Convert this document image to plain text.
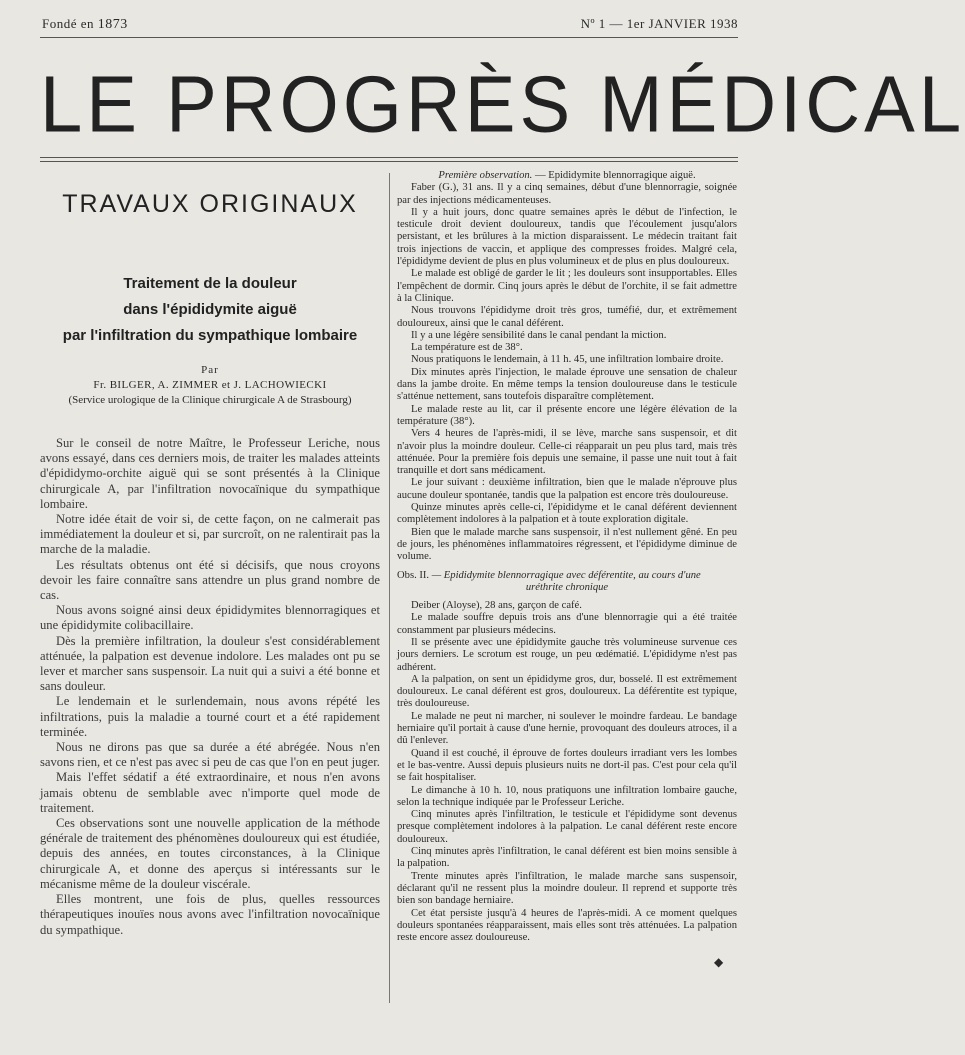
Fondé en 1873	Nº 1 — 1er JANVIER 1938
LE PROGRÈS MÉDICAL
TRAVAUX ORIGINAUX
Traitement de la douleur
dans l'épididymite aiguë
par l'infiltration du sympathique lombaire
Par
Fr. BILGER, A. ZIMMER et J. LACHOWIECKI
(Service urologique de la Clinique chirurgicale A de Strasbourg)

Sur le conseil de notre Maître, le Professeur Leriche, nous avons essayé, dans ces derniers mois, de traiter les malades atteints d'épididymo-orchite aiguë qui se sont présentés à la Clinique chirurgicale A, par l'infiltration novocaïnique du sympathique lombaire.

Notre idée était de voir si, de cette façon, on ne calmerait pas immédiatement la douleur et si, par surcroît, on ne ralentirait pas la marche de la maladie.

Les résultats obtenus ont été si décisifs, que nous croyons devoir les faire connaître sans attendre un plus grand nombre de cas.

Nous avons soigné ainsi deux épididymites blennorragiques et une épididymite colibacillaire.

Dès la première infiltration, la douleur s'est considérablement atténuée, la palpation est devenue indolore. Les malades ont pu se lever et marcher sans suspensoir. La nuit qui a suivi a été bonne et sans douleur.

Le lendemain et le surlendemain, nous avons répété les infiltrations, puis la maladie a tourné court et a été rapidement terminée.

Nous ne dirons pas que sa durée a été abrégée. Nous n'en savons rien, et ce n'est pas avec si peu de cas que l'on en peut juger.

Mais l'effet sédatif a été extraordinaire, et nous n'en avons jamais obtenu de semblable avec n'importe quel mode de traitement.

Ces observations sont une nouvelle application de la méthode générale de traitement des phénomènes douloureux qui est étudiée, depuis des années, en toutes circonstances, à la Clinique chirurgicale A, et donne des aperçus si intéressants sur le mécanisme même de la douleur viscérale.

Elles montrent, une fois de plus, quelles ressources thérapeutiques inouïes nous avons avec l'infiltration novocaïnique du sympathique.

Première observation. — Epididymite blennorragique aiguë.

Faber (G.), 31 ans. Il y a cinq semaines, début d'une blennorragie, soignée par des injections médicamenteuses.

Il y a huit jours, donc quatre semaines après le début de l'infection, le testicule droit devient douloureux, tandis que l'écoulement jusqu'alors persistant, et les brûlures à la miction disparaissent. Le médecin traitant fait trois injections de vaccin, et applique des compresses froides. Malgré cela, l'épididyme devient de plus en plus volumineux et de plus en plus douloureux.

Le malade est obligé de garder le lit ; les douleurs sont insupportables. Elles l'empêchent de dormir. Cinq jours après le début de l'orchite, il se fait admettre à la Clinique.

Nous trouvons l'épididyme droit très gros, tuméfié, dur, et extrêmement douloureux, ainsi que le canal déférent.

Il y a une légère sensibilité dans le canal pendant la miction.

La température est de 38°.

Nous pratiquons le lendemain, à 11 h. 45, une infiltration lombaire droite.

Dix minutes après l'injection, le malade éprouve une sensation de chaleur dans la jambe droite. En même temps la tension douloureuse dans le testicule s'atténue nettement, sans toutefois disparaître complètement.

Le malade reste au lit, car il présente encore une légère élévation de la température (38°).

Vers 4 heures de l'après-midi, il se lève, marche sans suspensoir, et dit n'avoir plus la moindre douleur. Celle-ci réapparait un peu plus tard, mais très atténuée. Pour la première fois depuis une semaine, il passe une nuit tout à fait tranquille et dort sans médicament.

Le jour suivant : deuxième infiltration, bien que le malade n'éprouve plus aucune douleur spontanée, tandis que la palpation est encore très douloureuse.

Quinze minutes après celle-ci, l'épididyme et le canal déférent deviennent complètement indolores à la palpation et à toute exploration digitale.

Bien que le malade marche sans suspensoir, il n'est nullement gêné. En peu de jours, les phénomènes inflammatoires régressent, et l'épididyme diminue de volume.

Obs. II. — Epididymite blennorragique avec déférentite, au cours d'une

uréthrite chronique

Deiber (Aloyse), 28 ans, garçon de café.

Le malade souffre depuis trois ans d'une blennorragie qui a été traitée constamment par plusieurs médecins.

Il se présente avec une épididymite gauche très volumineuse survenue ces jours derniers. Le scrotum est rouge, un peu œdématié. L'épididyme n'est pas adhérent.

A la palpation, on sent un épididyme gros, dur, bosselé. Il est extrêmement douloureux. Le canal déférent est gros, douloureux. La déférentite est typique, très douloureuse.

Le malade ne peut ni marcher, ni soulever le moindre fardeau. Le bandage herniaire qu'il portait à cause d'une hernie, provoquant des douleurs atroces, il a dû l'enlever.

Quand il est couché, il éprouve de fortes douleurs irradiant vers les lombes et le bas-ventre. Aussi depuis plusieurs nuits ne dort-il pas. C'est pour cela qu'il se fait hospitaliser.

Le dimanche à 10 h. 10, nous pratiquons une infiltration lombaire gauche, selon la technique indiquée par le Professeur Leriche.

Cinq minutes après l'infiltration, le testicule et l'épididyme sont devenus presque complètement indolores à la palpation. Le canal déférent reste encore douloureux.

Cinq minutes après l'infiltration, le canal déférent est bien moins sensible à la palpation.

Trente minutes après l'infiltration, le malade marche sans suspensoir, déclarant qu'il ne ressent plus la moindre douleur. Il reprend et supporte très bien son bandage herniaire.

Cet état persiste jusqu'à 4 heures de l'après-midi. A ce moment quelques douleurs spontanées réapparaissent, mais elles sont très atténuées. La palpation reste encore assez douloureuse.

◆
